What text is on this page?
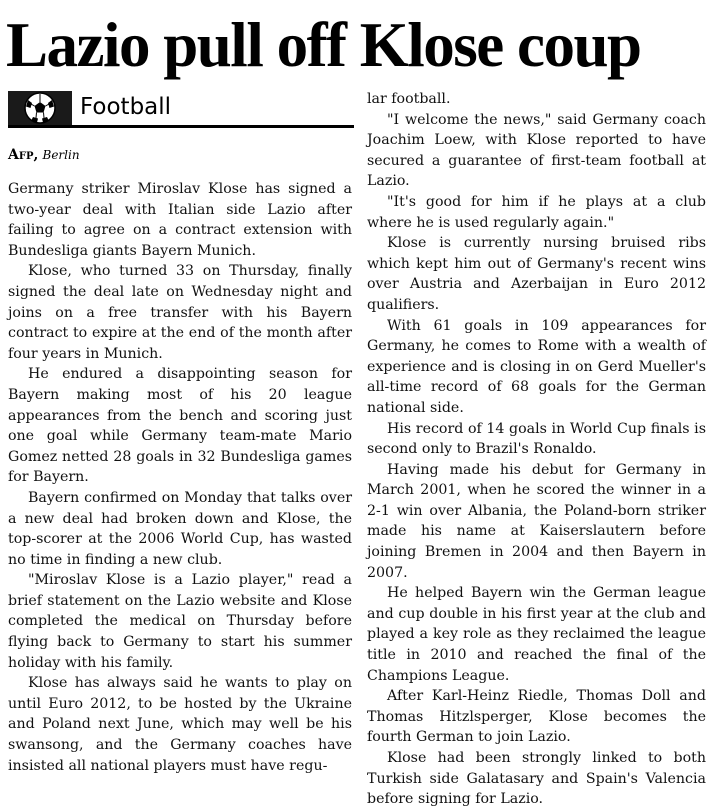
Lazio pull off Klose coup
Football
Afp, Berlin

Germany striker Miroslav Klose has signed a two-year deal with Italian side Lazio after failing to agree on a contract extension with Bundesliga giants Bayern Munich.

Klose, who turned 33 on Thursday, finally signed the deal late on Wednesday night and joins on a free transfer with his Bayern contract to expire at the end of the month after four years in Munich.

He endured a disappointing season for Bayern making most of his 20 league appearances from the bench and scoring just one goal while Germany team-mate Mario Gomez netted 28 goals in 32 Bundesliga games for Bayern.

Bayern confirmed on Monday that talks over a new deal had broken down and Klose, the top-scorer at the 2006 World Cup, has wasted no time in finding a new club.

"Miroslav Klose is a Lazio player," read a brief statement on the Lazio website and Klose completed the medical on Thursday before flying back to Germany to start his summer holiday with his family.

Klose has always said he wants to play on until Euro 2012, to be hosted by the Ukraine and Poland next June, which may well be his swansong, and the Germany coaches have insisted all national players must have regu-

lar football.

"I welcome the news," said Germany coach Joachim Loew, with Klose reported to have secured a guarantee of first-team football at Lazio.

"It's good for him if he plays at a club where he is used regularly again."

Klose is currently nursing bruised ribs which kept him out of Germany's recent wins over Austria and Azerbaijan in Euro 2012 qualifiers.

With 61 goals in 109 appearances for Germany, he comes to Rome with a wealth of experience and is closing in on Gerd Mueller's all-time record of 68 goals for the German national side.

His record of 14 goals in World Cup finals is second only to Brazil's Ronaldo.

Having made his debut for Germany in March 2001, when he scored the winner in a 2-1 win over Albania, the Poland-born striker made his name at Kaiserslautern before joining Bremen in 2004 and then Bayern in 2007.

He helped Bayern win the German league and cup double in his first year at the club and played a key role as they reclaimed the league title in 2010 and reached the final of the Champions League.

After Karl-Heinz Riedle, Thomas Doll and Thomas Hitzlsperger, Klose becomes the fourth German to join Lazio.

Klose had been strongly linked to both Turkish side Galatasary and Spain's Valencia before signing for Lazio.
